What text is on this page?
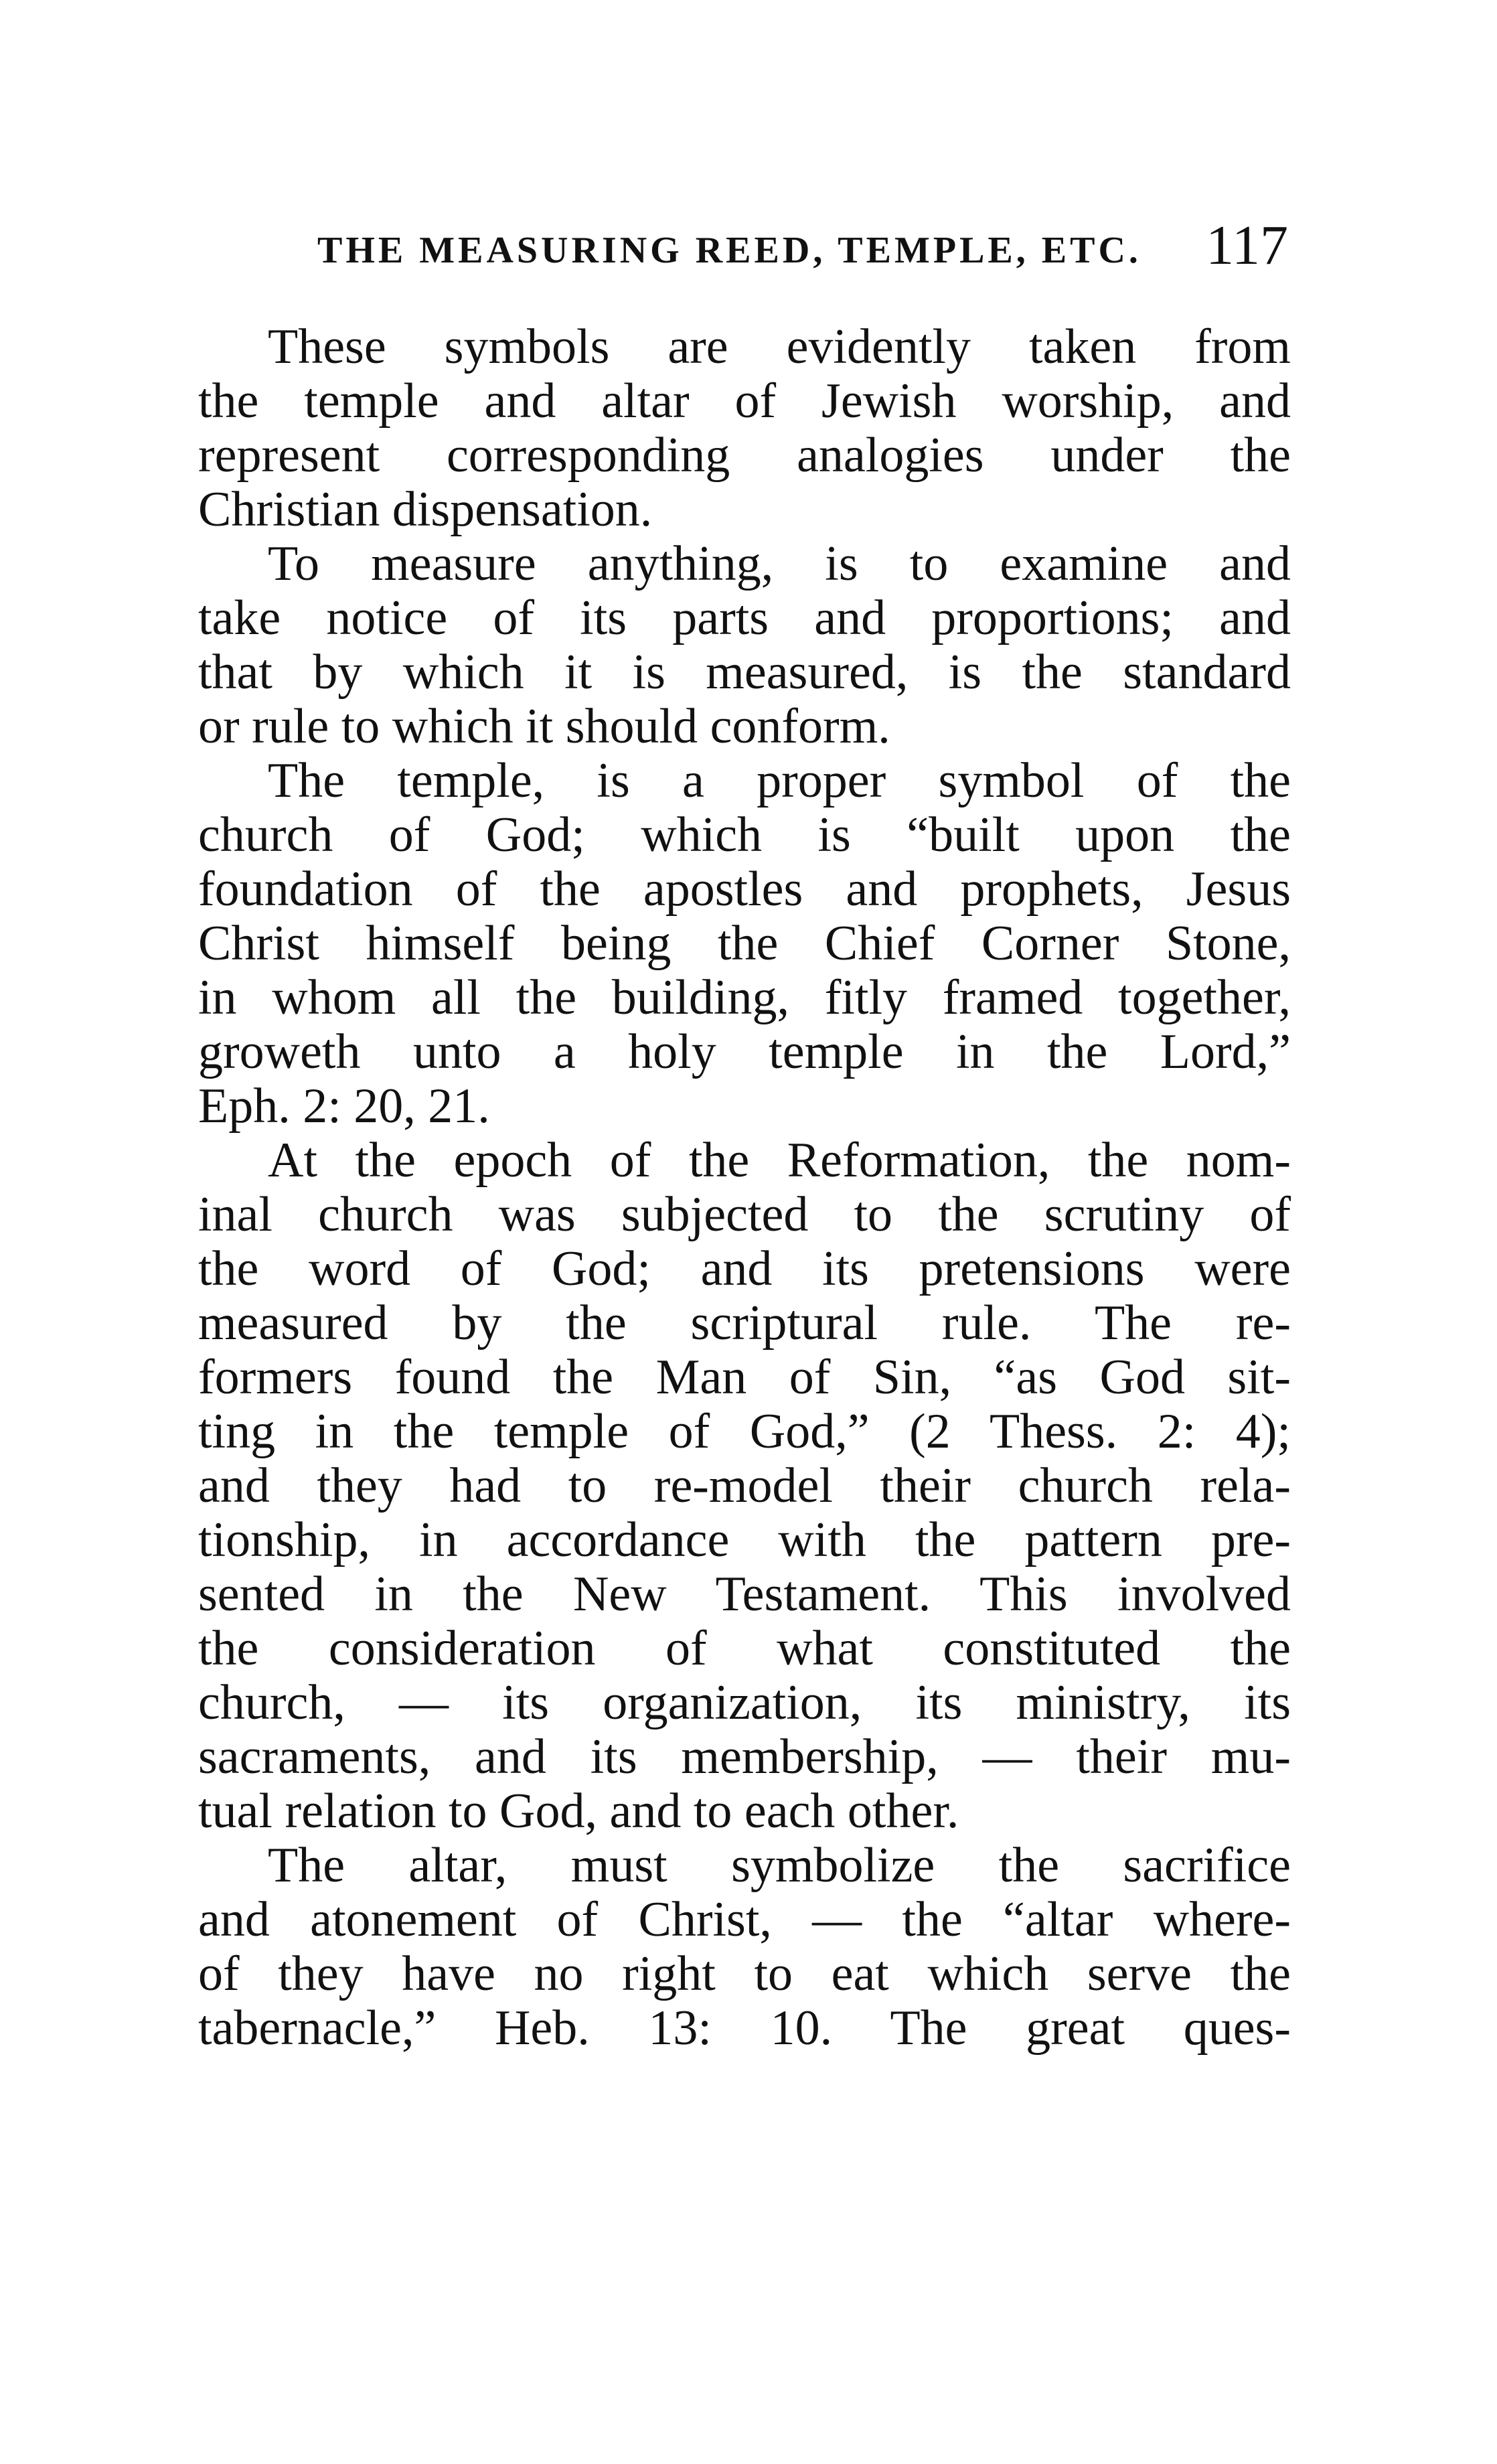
THE MEASURING REED, TEMPLE, ETC. 117
These symbols are evidently taken from
the temple and altar of Jewish worship, and
represent corresponding analogies under the
Christian dispensation.
To measure anything, is to examine and
take notice of its parts and proportions; and
that by which it is measured, is the standard
or rule to which it should conform.
The temple, is a proper symbol of the
church of God; which is “built upon the
foundation of the apostles and prophets, Jesus
Christ himself being the Chief Corner Stone,
in whom all the building, fitly framed together,
groweth unto a holy temple in the Lord,”
Eph. 2: 20, 21.
At the epoch of the Reformation, the nom-
inal church was subjected to the scrutiny of
the word of God; and its pretensions were
measured by the scriptural rule. The re-
formers found the Man of Sin, “as God sit-
ting in the temple of God,” (2 Thess. 2: 4);
and they had to re-model their church rela-
tionship, in accordance with the pattern pre-
sented in the New Testament. This involved
the consideration of what constituted the
church, — its organization, its ministry, its
sacraments, and its membership, — their mu-
tual relation to God, and to each other.
The altar, must symbolize the sacrifice
and atonement of Christ, — the “altar where-
of they have no right to eat which serve the
tabernacle,” Heb. 13: 10. The great ques-
